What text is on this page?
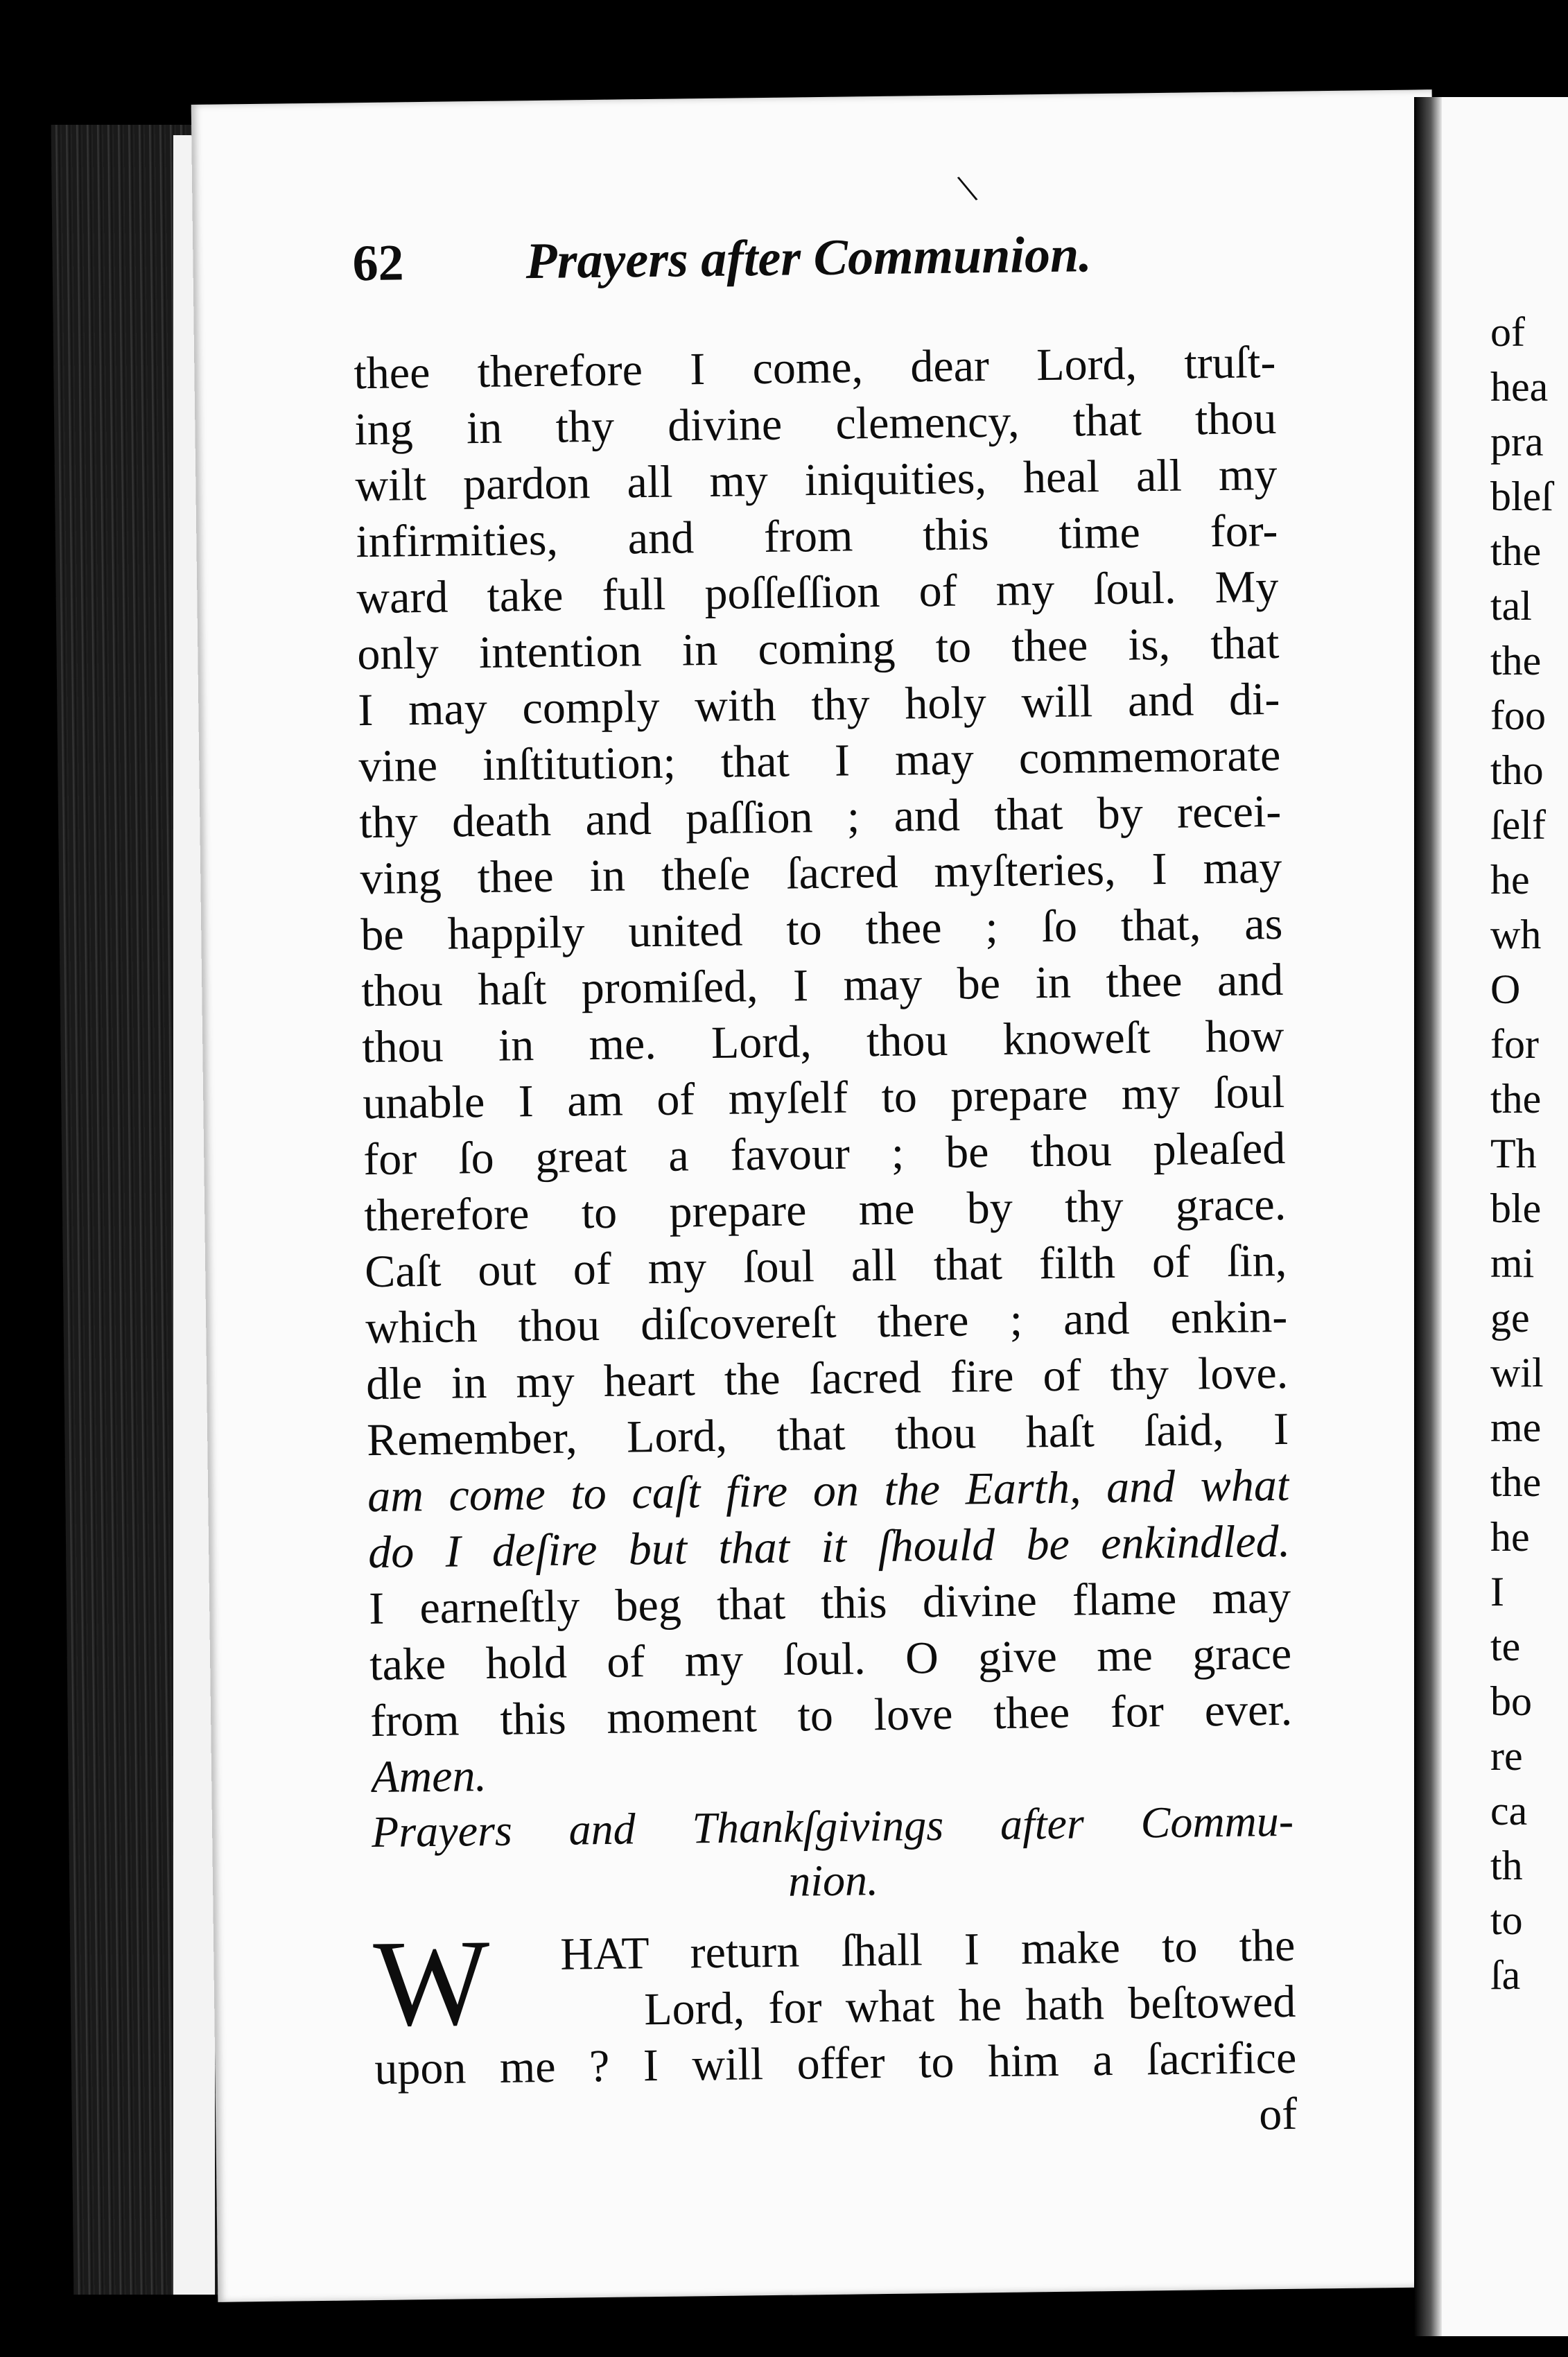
\
62	Prayers after Communion.
thee therefore I come, dear Lord, truſt-
ing in thy divine clemency, that thou
wilt pardon all my iniquities, heal all my
infirmities, and from this time for-
ward take full poſſeſſion of my ſoul. My
only intention in coming to thee is, that
I may comply with thy holy will and di-
vine inſtitution; that I may commemorate
thy death and paſſion ; and that by recei-
ving thee in theſe ſacred myſteries, I may
be happily united to thee ; ſo that, as
thou haſt promiſed, I may be in thee and
thou in me. Lord, thou knoweſt how
unable I am of myſelf to prepare my ſoul
for ſo great a favour ; be thou pleaſed
therefore to prepare me by thy grace.
Caſt out of my ſoul all that filth of ſin,
which thou diſcovereſt there ; and enkin-
dle in my heart the ſacred fire of thy love.
Remember, Lord, that thou haſt ſaid, I
am come to caſt fire on the Earth, and what
do I deſire but that it ſhould be enkindled.
I earneſtly beg that this divine flame may
take hold of my ſoul. O give me grace
from this moment to love thee for ever.
Amen.
Prayers and Thankſgivings after Commu-
nion.
W HAT return ſhall I make to the
Lord, for what he hath beſtowed
upon me ? I will offer to him a ſacrifice
of
of
hea
pra
bleſ
the
tal
the
foo
tho
ſelf
he
wh
O
for
the
Th
ble
mi
ge
wil
me
the
he
I
te
bo
re
ca
th
to
ſa
